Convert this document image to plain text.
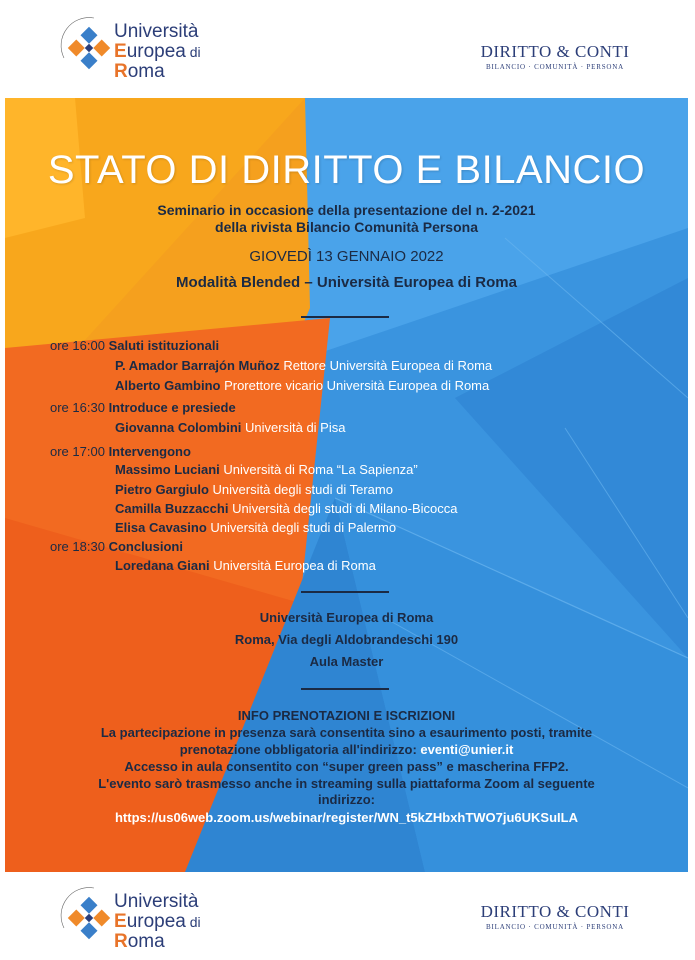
Università
Europea di
Roma
DIRITTO & CONTI
BILANCIO · COMUNITÀ · PERSONA
STATO DI DIRITTO E BILANCIO
Seminario in occasione della presentazione del n. 2-2021
della rivista Bilancio Comunità Persona
GIOVEDÌ 13 GENNAIO 2022
Modalità Blended – Università Europea di Roma
ore 16:00 Saluti istituzionali
P. Amador Barrajón Muñoz Rettore Università Europea di Roma
Alberto Gambino Prorettore vicario Università Europea di Roma
ore 16:30 Introduce e presiede
Giovanna Colombini Università di Pisa
ore 17:00 Intervengono
Massimo Luciani Università di Roma “La Sapienza”
Pietro Gargiulo Università degli studi di Teramo
Camilla Buzzacchi Università degli studi di Milano-Bicocca
Elisa Cavasino Università degli studi di Palermo
ore 18:30 Conclusioni
Loredana Giani Università Europea di Roma
Università Europea di Roma
Roma, Via degli Aldobrandeschi 190
Aula Master
INFO PRENOTAZIONI E ISCRIZIONI
La partecipazione in presenza sarà consentita sino a esaurimento posti, tramite
prenotazione obbligatoria all'indirizzo: eventi@unier.it
Accesso in aula consentito con “super green pass” e mascherina FFP2.
L'evento sarò trasmesso anche in streaming sulla piattaforma Zoom al seguente
indirizzo:
https://us06web.zoom.us/webinar/register/WN_t5kZHbxhTWO7ju6UKSuILA
Università
Europea di
Roma
DIRITTO & CONTI
BILANCIO · COMUNITÀ · PERSONA
